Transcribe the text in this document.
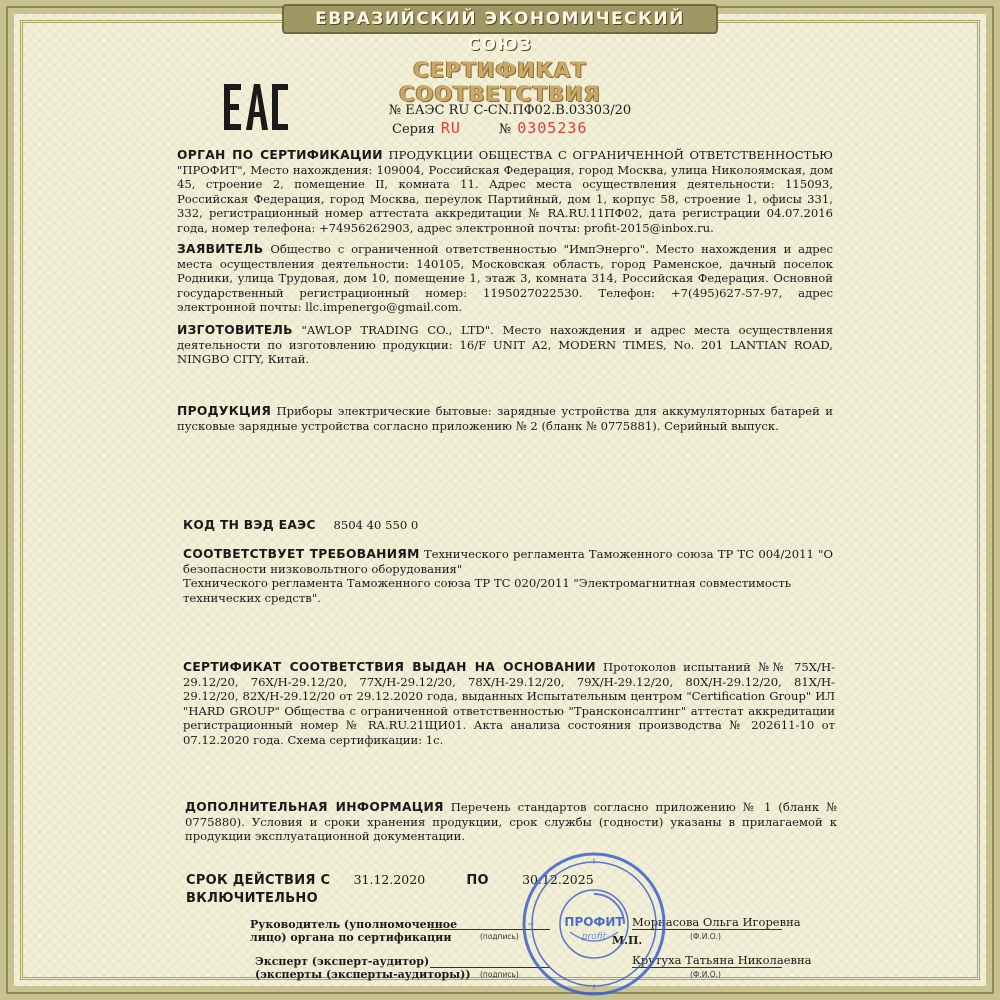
ЕВРАЗИЙСКИЙ ЭКОНОМИЧЕСКИЙ СОЮЗ
СЕРТИФИКАТ СООТВЕТСТВИЯ
№ ЕАЭС RU С-CN.ПФ02.В.03303/20
Серия RU	№ 0305236
ОРГАН ПО СЕРТИФИКАЦИИ ПРОДУКЦИИ ОБЩЕСТВА С ОГРАНИЧЕННОЙ ОТВЕТСТВЕННОСТЬЮ "ПРОФИТ", Место нахождения: 109004, Российская Федерация, город Москва, улица Николоямская, дом 45, строение 2, помещение II, комната 11. Адрес места осуществления деятельности: 115093, Российская Федерация, город Москва, переулок Партийный, дом 1, корпус 58, строение 1, офисы 331, 332, регистрационный номер аттестата аккредитации № RA.RU.11ПФ02, дата регистрации 04.07.2016 года, номер телефона: +74956262903, адрес электронной почты: profit-2015@inbox.ru.
ЗАЯВИТЕЛЬ Общество с ограниченной ответственностью "ИмпЭнерго". Место нахождения и адрес места осуществления деятельности: 140105, Московская область, город Раменское, дачный поселок Родники, улица Трудовая, дом 10, помещение 1, этаж 3, комната 314, Российская Федерация. Основной государственный регистрационный номер: 1195027022530. Телефон: +7(495)627-57-97, адрес электронной почты: llc.impenergo@gmail.com.
ИЗГОТОВИТЕЛЬ "AWLOP TRADING CO., LTD". Место нахождения и адрес места осуществления деятельности по изготовлению продукции: 16/F UNIT A2, MODERN TIMES, No. 201 LANTIAN ROAD, NINGBO CITY, Китай.
ПРОДУКЦИЯ Приборы электрические бытовые: зарядные устройства для аккумуляторных батарей и пусковые зарядные устройства согласно приложению № 2 (бланк № 0775881). Серийный выпуск.
КОД ТН ВЭД ЕАЭС 8504 40 550 0
СООТВЕТСТВУЕТ ТРЕБОВАНИЯМ Технического регламента Таможенного союза ТР ТС 004/2011 "О безопасности низковольтного оборудования"
Технического регламента Таможенного союза ТР ТС 020/2011 "Электромагнитная совместимость технических средств".
СЕРТИФИКАТ СООТВЕТСТВИЯ ВЫДАН НА ОСНОВАНИИ Протоколов испытаний №№ 75X/H-29.12/20, 76X/H-29.12/20, 77X/H-29.12/20, 78X/H-29.12/20, 79X/H-29.12/20, 80X/H-29.12/20, 81X/H-29.12/20, 82X/H-29.12/20 от 29.12.2020 года, выданных Испытательным центром "Certification Group" ИЛ "HARD GROUP" Общества с ограниченной ответственностью "Трансконсалтинг" аттестат аккредитации регистрационный номер № RA.RU.21ЩИ01. Акта анализа состояния производства № 202611-10 от 07.12.2020 года. Схема сертификации: 1с.
ДОПОЛНИТЕЛЬНАЯ ИНФОРМАЦИЯ Перечень стандартов согласно приложению № 1 (бланк № 0775880). Условия и сроки хранения продукции, срок службы (годности) указаны в прилагаемой к продукции эксплуатационной документации.
СРОК ДЕЙСТВИЯ С 31.12.2020	ПО	30.12.2025
ВКЛЮЧИТЕЛЬНО
Руководитель (уполномоченное
лицо) органа по сертификации	(подпись)
Морнасова Ольга Игоревна
(Ф.И.О.)
М.П.
Эксперт (эксперт-аудитор)
(эксперты (эксперты-аудиторы)) (подпись)
Крутуха Татьяна Николаевна
(Ф.И.О.)
ПРОФИТ
profit
